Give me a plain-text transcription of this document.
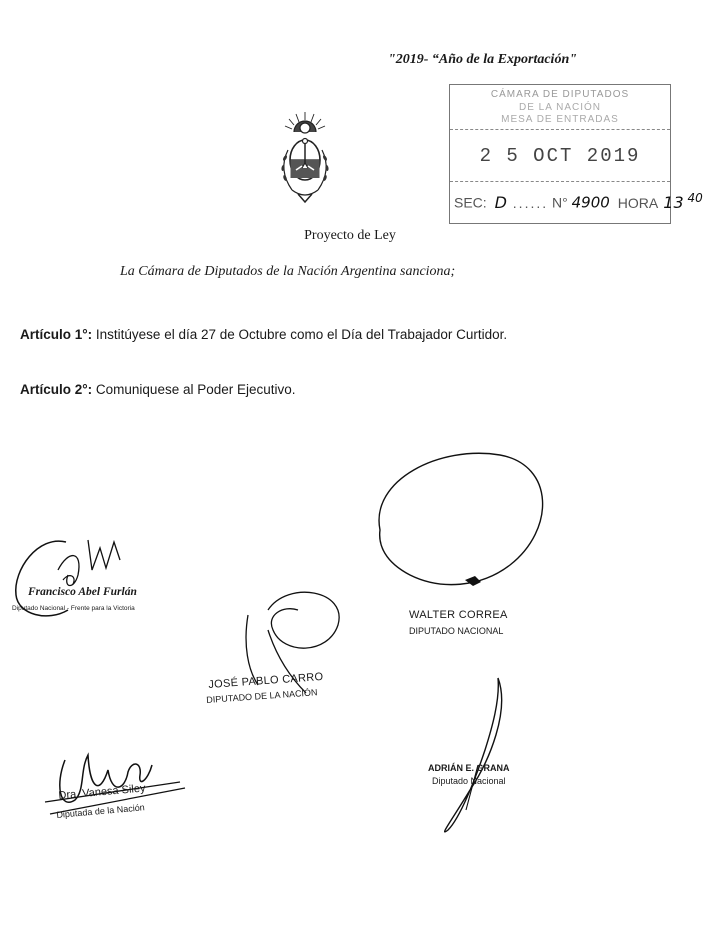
"2019- “Año de la Exportación"
CÁMARA DE DIPUTADOS
DE LA NACIÓN
MESA DE ENTRADAS
2 5 OCT 2019
SEC: D ...... N° 4900 HORA 13 $^{40}$
Proyecto de Ley
La Cámara de Diputados de la Nación Argentina sanciona;
Artículo 1°: Institúyese el día 27 de Octubre como el Día del Trabajador Curtidor.
Artículo 2°: Comuniquese al Poder Ejecutivo.
WALTER CORREA
DIPUTADO NACIONAL
Francisco Abel Furlán
Diputado Nacional - Frente para la Victoria
JOSÉ PABLO CARRO
DIPUTADO DE LA NACIÓN
Dra. Vanesa Siley
Diputada de la Nación
ADRIÁN E. GRANA
Diputado Nacional
